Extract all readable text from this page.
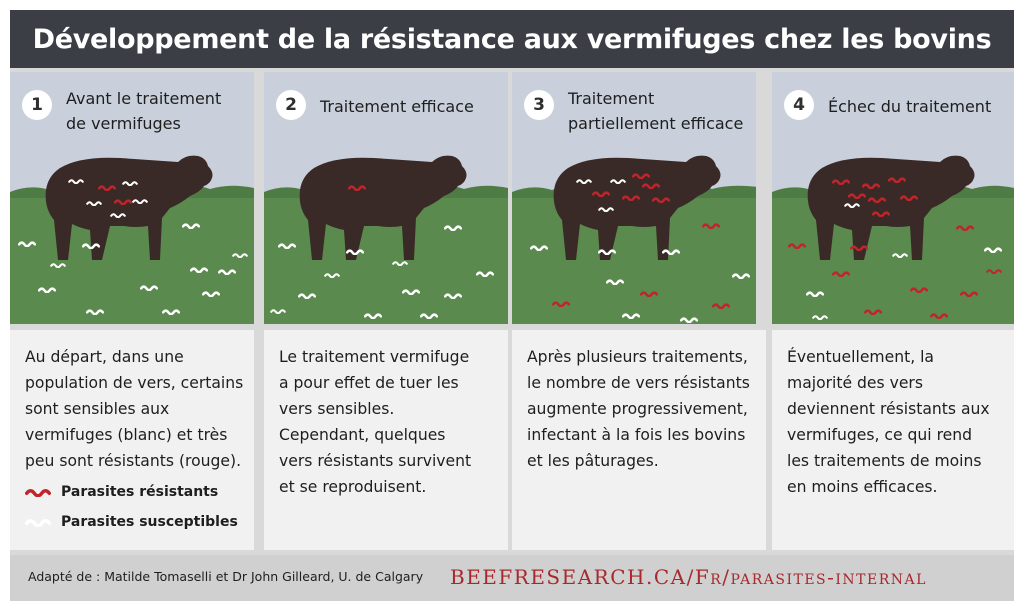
Développement de la résistance aux vermifuges chez les bovins
1	Avant le traitement
de vermifuges
Au départ, dans une
population de vers, certains
sont sensibles aux
vermifuges (blanc) et très
peu sont résistants (rouge).
Parasites résistants
Parasites susceptibles
2	Traitement efficace
Le traitement vermifuge
a pour effet de tuer les
vers sensibles.
Cependant, quelques
vers résistants survivent
et se reproduisent.
3	Traitement
partiellement efficace
Après plusieurs traitements,
le nombre de vers résistants
augmente progressivement,
infectant à la fois les bovins
et les pâturages.
4	Échec du traitement
Éventuellement, la
majorité des vers
deviennent résistants aux
vermifuges, ce qui rend
les traitements de moins
en moins efficaces.
Adapté de : Matilde Tomaselli et Dr John Gilleard, U. de Calgary BEEFRESEARCH.CA/Fr/parasites-internal
